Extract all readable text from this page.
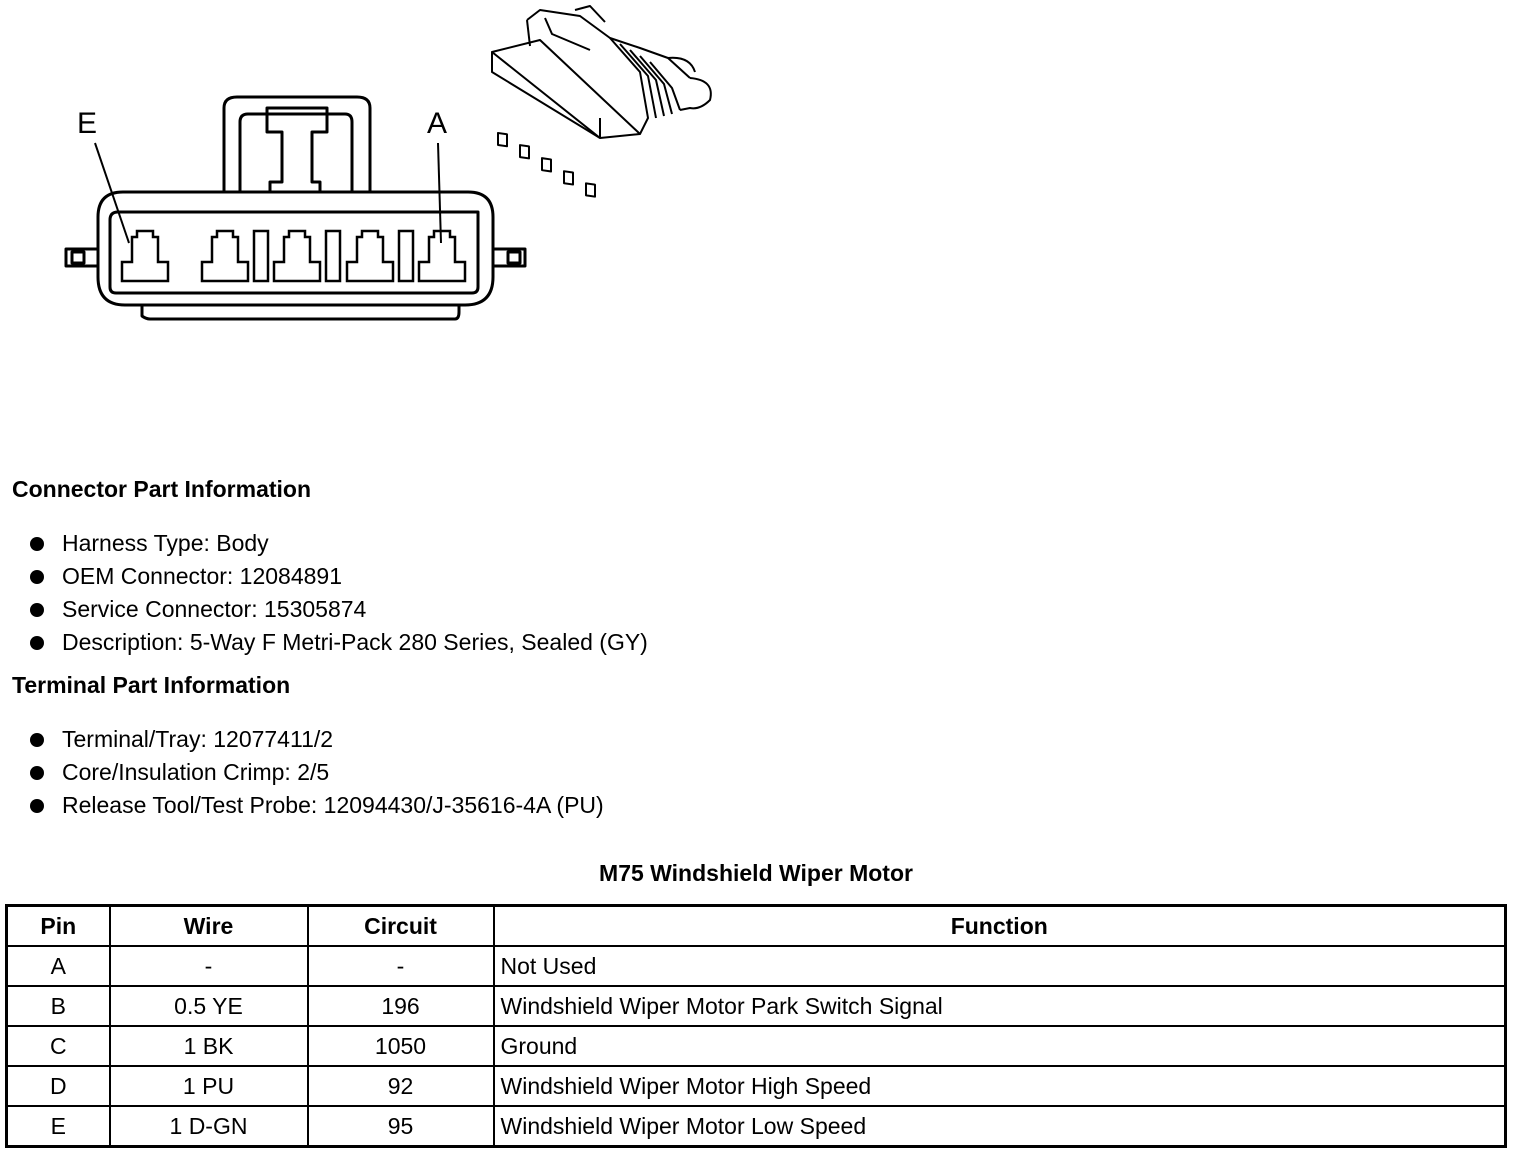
E	A
Connector Part Information
Harness Type: Body
OEM Connector: 12084891
Service Connector: 15305874
Description: 5-Way F Metri-Pack 280 Series, Sealed (GY)
Terminal Part Information
Terminal/Tray: 12077411/2
Core/Insulation Crimp: 2/5
Release Tool/Test Probe: 12094430/J-35616-4A (PU)
M75 Windshield Wiper Motor
Pin	Wire	Circuit	Function
A	-	-	Not Used
B	0.5 YE	196	Windshield Wiper Motor Park Switch Signal
C	1 BK	1050	Ground
D	1 PU	92	Windshield Wiper Motor High Speed
E	1 D-GN	95	Windshield Wiper Motor Low Speed
